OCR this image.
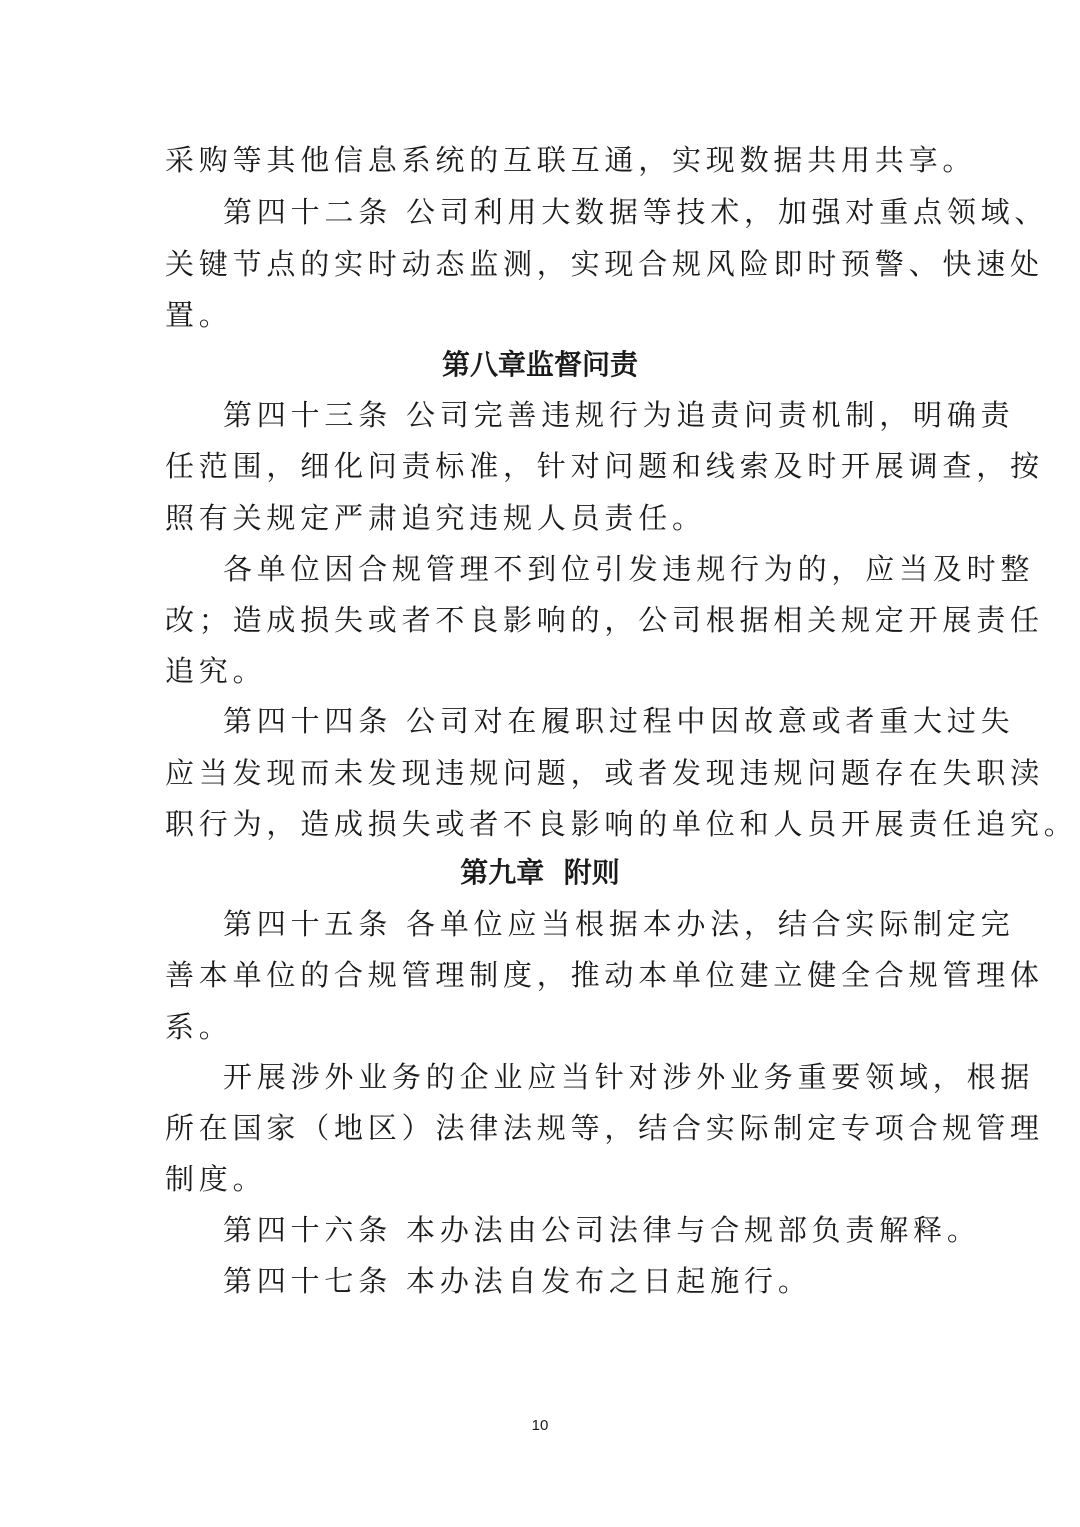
采购等其他信息系统的互联互通，实现数据共用共享。
第四十二条 公司利用大数据等技术，加强对重点领域、
关键节点的实时动态监测，实现合规风险即时预警、快速处
置。
第八章监督问责
第四十三条 公司完善违规行为追责问责机制，明确责
任范围，细化问责标准，针对问题和线索及时开展调查，按
照有关规定严肃追究违规人员责任。
各单位因合规管理不到位引发违规行为的，应当及时整
改；造成损失或者不良影响的，公司根据相关规定开展责任
追究。
第四十四条 公司对在履职过程中因故意或者重大过失
应当发现而未发现违规问题，或者发现违规问题存在失职渎
职行为，造成损失或者不良影响的单位和人员开展责任追究。
第九章  附则
第四十五条 各单位应当根据本办法，结合实际制定完
善本单位的合规管理制度，推动本单位建立健全合规管理体
系。
开展涉外业务的企业应当针对涉外业务重要领域，根据
所在国家（地区）法律法规等，结合实际制定专项合规管理
制度。
第四十六条 本办法由公司法律与合规部负责解释。
第四十七条 本办法自发布之日起施行。
10
